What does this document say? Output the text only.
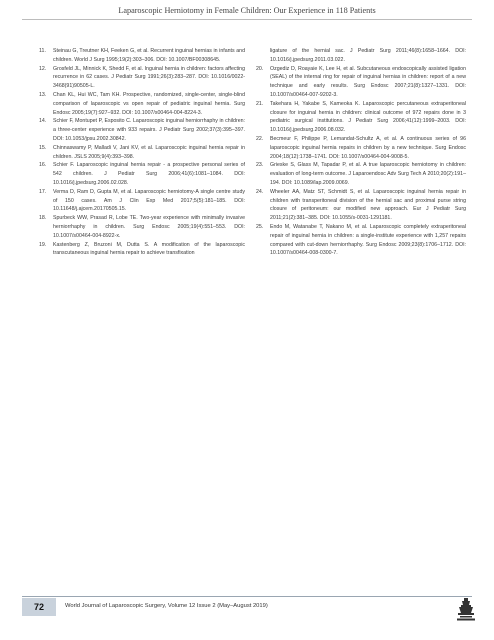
Laparoscopic Herniotomy in Female Children: Our Experience in 118 Patients
11. Steinau G, Treutner KH, Feeken G, et al. Recurrent inguinal hernias in infants and children. World J Surg 1995;19(2):303–306. DOI: 10.1007/BF00308645.
12. Grosfeld JL, Minnick K, Shedd F, et al. Inguinal hernia in children: factors affecting recurrence in 62 cases. J Pediatr Surg 1991;26(3):283–287. DOI: 10.1016/0022-3468(91)90505-L.
13. Chan KL, Hui WC, Tam KH. Prospective, randomized, single-center, single-blind comparison of laparoscopic vs open repair of pediatric inguinal hernia. Surg Endosc 2005;19(7):927–932. DOI: 10.1007/s00464-004-8224-3.
14. Schier F, Montupet P, Esposito C. Laparoscopic inguinal herniorrhaphy in children: a three-center experience with 933 repairs. J Pediatr Surg 2002;37(3):395–397. DOI: 10.1053/jpsu.2002.30842.
15. Chinnaswamy P, Malladi V, Jani KV, et al. Laparoscopic inguinal hernia repair in children. JSLS 2005;9(4):393–398.
16. Schier F. Laparoscopic inguinal hernia repair - a prospective personal series of 542 children. J Pediatr Surg 2006;41(6):1081–1084. DOI: 10.1016/j.jpedsurg.2006.02.028.
17. Verma D, Ram D, Gupta M, et al. Laparoscopic herniotomy-A single centre study of 150 cases. Am J Clin Exp Med 2017;5(5):181–185. DOI: 10.11648/j.ajcem.20170505.15.
18. Spurbeck WW, Prasad R, Lobe TE. Two-year experience with minimally invasive herniorrhaphy in children. Surg Endosc 2005;19(4):551–553. DOI: 10.1007/s00464-004-8922-x.
19. Kastenberg Z, Bruzoni M, Dutta S. A modification of the laparoscopic transcutaneous inguinal hernia repair to achieve transfixation
ligature of the hernial sac. J Pediatr Surg 2011;46(8):1658–1664. DOI: 10.1016/j.jpedsurg.2011.03.022.
20. Ozgediz D, Roayaie K, Lee H, et al. Subcutaneous endoscopically assisted ligation (SEAL) of the internal ring for repair of inguinal hernias in children: report of a new technique and early results. Surg Endosc 2007;21(8):1327–1331. DOI: 10.1007/s00464-007-9202-3.
21. Takehara H, Yakabe S, Kameoka K. Laparoscopic percutaneous extraperitoneal closure for inguinal hernia in children: clinical outcome of 972 repairs done in 3 pediatric surgical institutions. J Pediatr Surg 2006;41(12):1999–2003. DOI: 10.1016/j.jpedsurg.2006.08.032.
22. Becmeur F, Philippe P, Lemandat-Schultz A, et al. A continuous series of 96 laparoscopic inguinal hernia repairs in children by a new technique. Surg Endosc 2004;18(12):1738–1741. DOI: 10.1007/s00464-004-9008-5.
23. Grieske S, Glass M, Tapadar P, et al. A true laparoscopic herniotomy in children: evaluation of long-term outcome. J Laparoendosc Adv Surg Tech A 2010;20(2):191–194. DOI: 10.1089/lap.2009.0069.
24. Wheeler AA, Matz ST, Schmidt S, et al. Laparoscopic inguinal hernia repair in children with transperitoneal division of the hernial sac and proximal purse string closure of peritoneum: our modified new approach. Eur J Pediatr Surg 2011;21(2):381–385. DOI: 10.1055/s-0031-1291181.
25. Endo M, Watanabe T, Nakano M, et al. Laparoscopic completely extraperitoneal repair of inguinal hernia in children: a single-institute experience with 1,257 repairs compared with cut-down herniorrhaphy. Surg Endosc 2009;23(8):1706–1712. DOI: 10.1007/s00464-008-0300-7.
72	World Journal of Laparoscopic Surgery, Volume 12 Issue 2 (May–August 2019)
